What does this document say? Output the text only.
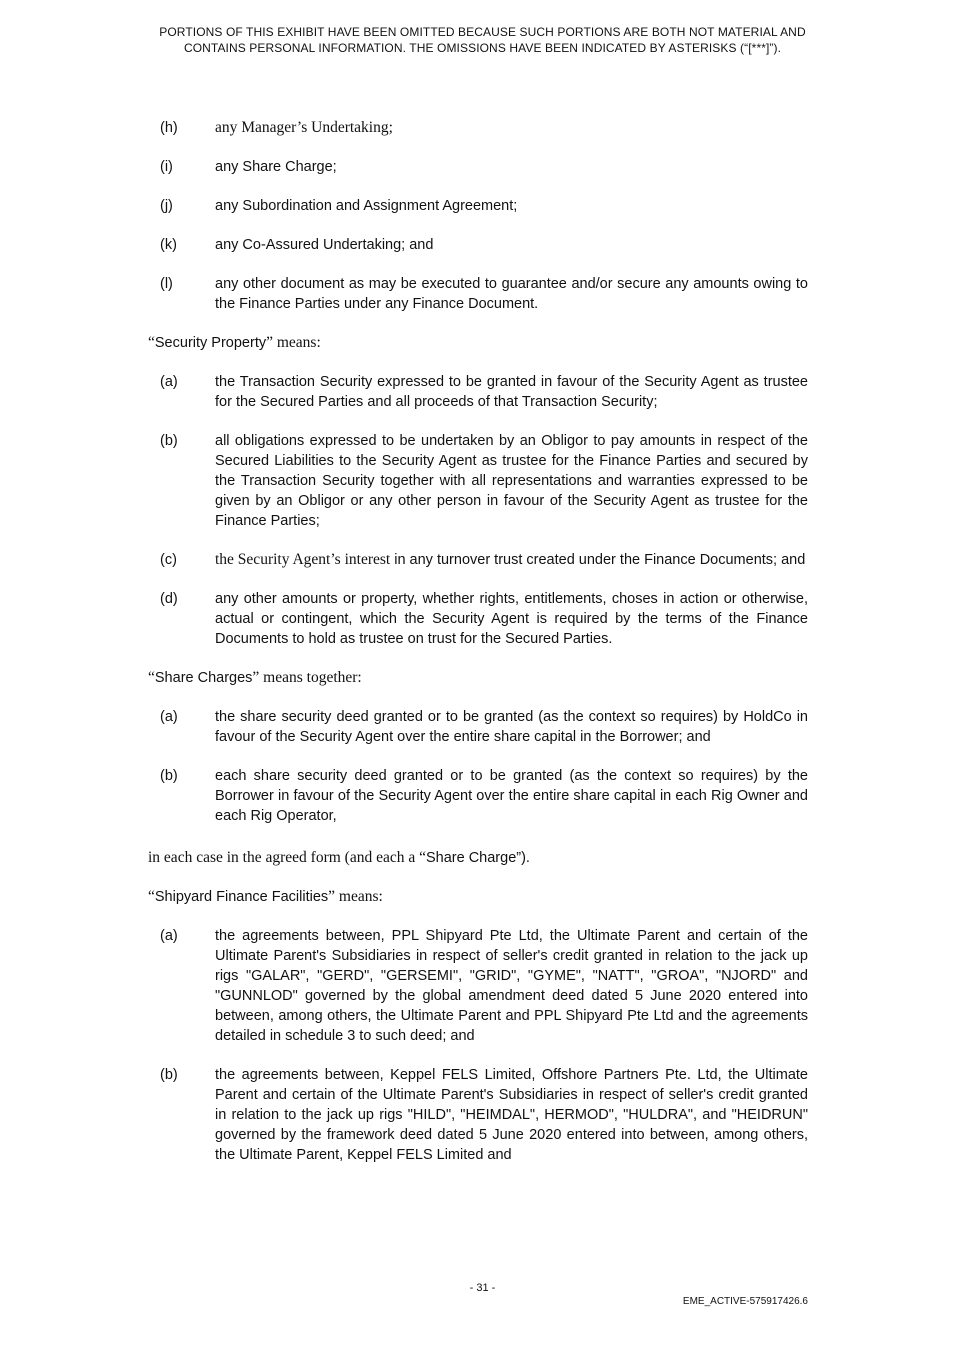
PORTIONS OF THIS EXHIBIT HAVE BEEN OMITTED BECAUSE SUCH PORTIONS ARE BOTH NOT MATERIAL AND
CONTAINS PERSONAL INFORMATION. THE OMISSIONS HAVE BEEN INDICATED BY ASTERISKS (“[***]”).
(h) any Manager’s Undertaking;
(i)	any Share Charge;
(j)	any Subordination and Assignment Agreement;
(k)	any Co-Assured Undertaking; and
(l)	any other document as may be executed to guarantee and/or secure any amounts owing to the Finance Parties under any Finance Document.
“Security Property” means:
(a)	the Transaction Security expressed to be granted in favour of the Security Agent as trustee for the Secured Parties and all proceeds of that Transaction Security;
(b)	all obligations expressed to be undertaken by an Obligor to pay amounts in respect of the Secured Liabilities to the Security Agent as trustee for the Finance Parties and secured by the Transaction Security together with all representations and warranties expressed to be given by an Obligor or any other person in favour of the Security Agent as trustee for the Finance Parties;
(c) the Security Agent’s interest in any turnover trust created under the Finance Documents; and
(d)	any other amounts or property, whether rights, entitlements, choses in action or otherwise, actual or contingent, which the Security Agent is required by the terms of the Finance Documents to hold as trustee on trust for the Secured Parties.
“Share Charges” means together:
(a)	the share security deed granted or to be granted (as the context so requires) by HoldCo in favour of the Security Agent over the entire share capital in the Borrower; and
(b)	each share security deed granted or to be granted (as the context so requires) by the Borrower in favour of the Security Agent over the entire share capital in each Rig Owner and each Rig Operator,
in each case in the agreed form (and each a “Share Charge”).
“Shipyard Finance Facilities” means:
(a)	the agreements between, PPL Shipyard Pte Ltd, the Ultimate Parent and certain of the Ultimate Parent's Subsidiaries in respect of seller's credit granted in relation to the jack up rigs "GALAR", "GERD", "GERSEMI", "GRID", "GYME", "NATT", "GROA", "NJORD" and "GUNNLOD" governed by the global amendment deed dated 5 June 2020 entered into between, among others, the Ultimate Parent and PPL Shipyard Pte Ltd and the agreements detailed in schedule 3 to such deed; and
(b)	the agreements between, Keppel FELS Limited, Offshore Partners Pte. Ltd, the Ultimate Parent and certain of the Ultimate Parent's Subsidiaries in respect of seller's credit granted in relation to the jack up rigs "HILD", "HEIMDAL", HERMOD", "HULDRA", and "HEIDRUN" governed by the framework deed dated 5 June 2020 entered into between, among others, the Ultimate Parent, Keppel FELS Limited and
- 31 -
EME_ACTIVE-575917426.6
